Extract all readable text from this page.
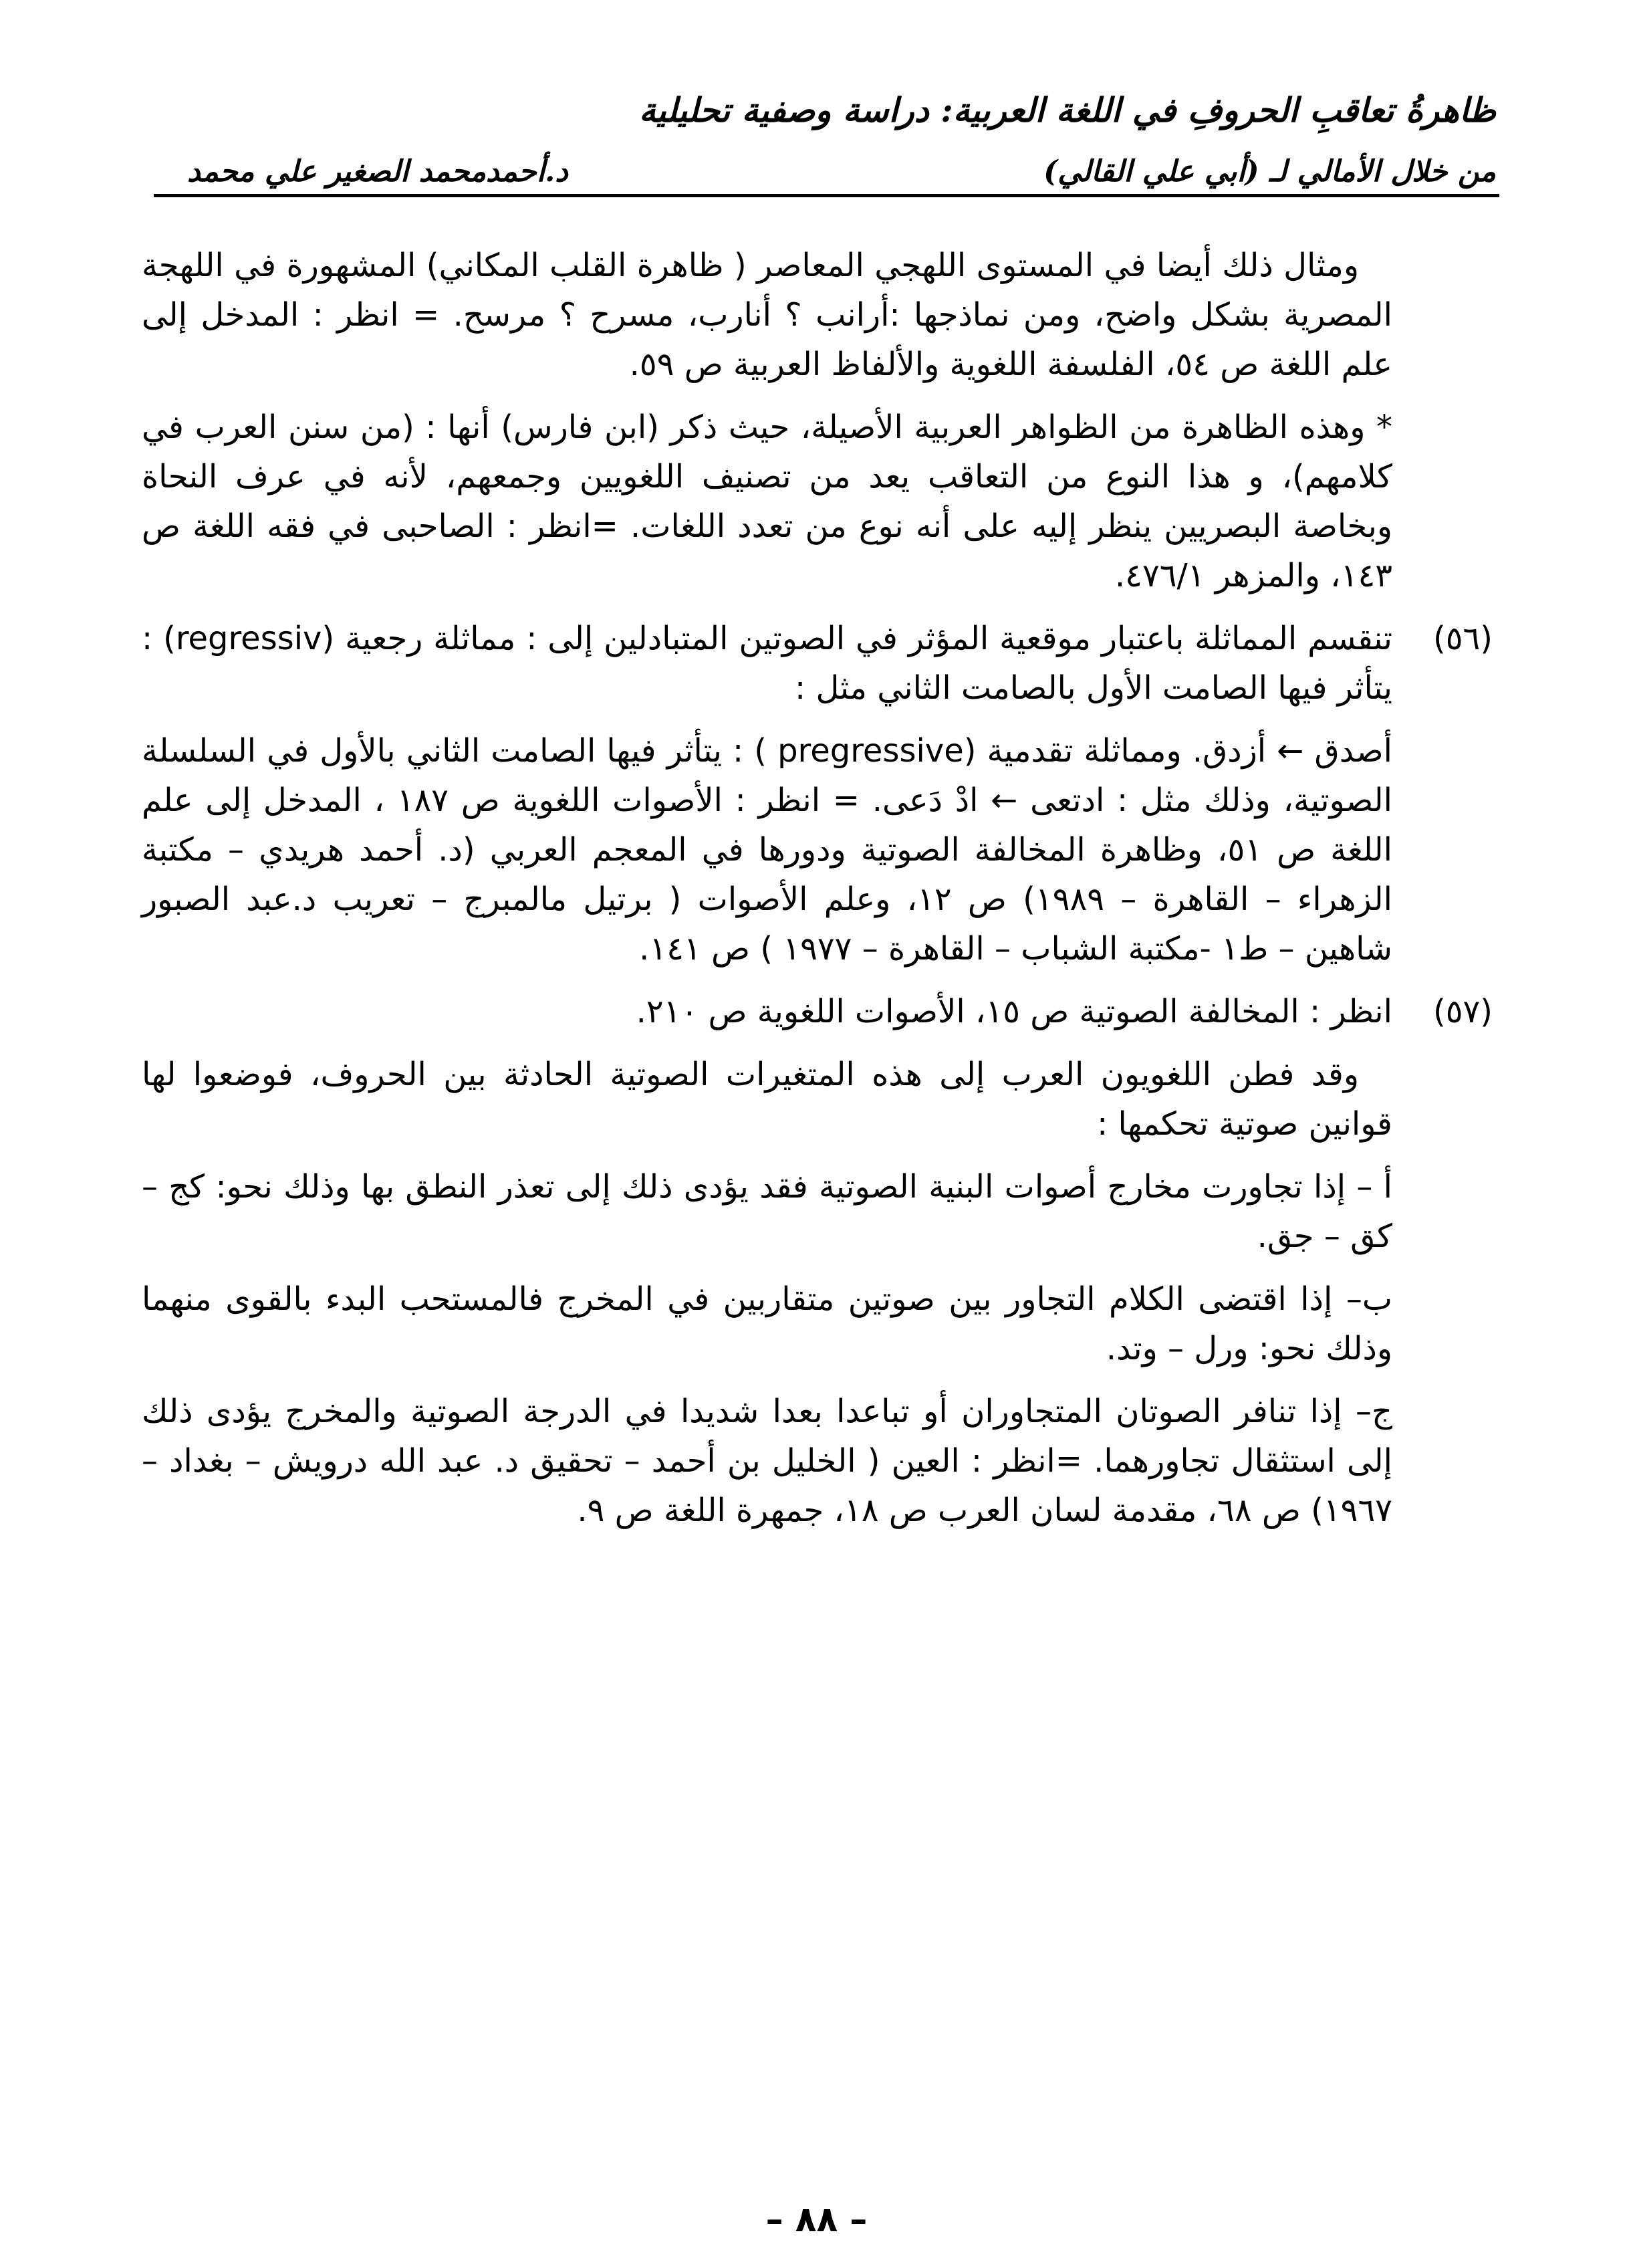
ظاهرةُ تعاقبِ الحروفِ في اللغة العربية: دراسة وصفية تحليلية
من خلال الأمالي لـ (أبي علي القالي)
د.أحمدمحمد الصغير علي محمد

ومثال ذلك أيضا في المستوى اللهجي المعاصر ( ظاهرة القلب المكاني) المشهورة في اللهجة المصرية بشكل واضح، ومن نماذجها :أرانب ؟ أنارب، مسرح ؟ مرسح. = انظر : المدخل إلى علم اللغة ص ٥٤، الفلسفة اللغوية والألفاظ العربية ص ٥٩.

* وهذه الظاهرة من الظواهر العربية الأصيلة، حيث ذكر (ابن فارس) أنها : (من سنن العرب في كلامهم)، و هذا النوع من التعاقب يعد من تصنيف اللغويين وجمعهم، لأنه في عرف النحاة وبخاصة البصريين ينظر إليه على أنه نوع من تعدد اللغات. =انظر : الصاحبى في فقه اللغة ص ١٤٣، والمزهر ٤٧٦/١.

(٥٦)
تنقسم المماثلة باعتبار موقعية المؤثر في الصوتين المتبادلين إلى : مماثلة رجعية (regressiv) : يتأثر فيها الصامت الأول بالصامت الثاني مثل :

أصدق ← أزدق. ومماثلة تقدمية (pregressive ) : يتأثر فيها الصامت الثاني بالأول في السلسلة الصوتية، وذلك مثل : ادتعى ← ادْ دَعى. = انظر : الأصوات اللغوية ص ١٨٧ ، المدخل إلى علم اللغة ص ٥١، وظاهرة المخالفة الصوتية ودورها في المعجم العربي (د. أحمد هريدي – مكتبة الزهراء – القاهرة – ١٩٨٩) ص ١٢، وعلم الأصوات ( برتيل مالمبرج – تعريب د.عبد الصبور شاهين – ط١ -مكتبة الشباب – القاهرة – ١٩٧٧ ) ص ١٤١.

(٥٧)
انظر : المخالفة الصوتية ص ١٥، الأصوات اللغوية ص ٢١٠.

وقد فطن اللغويون العرب إلى هذه المتغيرات الصوتية الحادثة بين الحروف، فوضعوا لها قوانين صوتية تحكمها :

أ – إذا تجاورت مخارج أصوات البنية الصوتية فقد يؤدى ذلك إلى تعذر النطق بها وذلك نحو: كج – كق – جق.

ب– إذا اقتضى الكلام التجاور بين صوتين متقاربين في المخرج فالمستحب البدء بالقوى منهما وذلك نحو: ورل – وتد.

ج– إذا تنافر الصوتان المتجاوران أو تباعدا بعدا شديدا في الدرجة الصوتية والمخرج يؤدى ذلك إلى استثقال تجاورهما. =انظر : العين ( الخليل بن أحمد – تحقيق د. عبد الله درويش – بغداد – ١٩٦٧) ص ٦٨، مقدمة لسان العرب ص ١٨، جمهرة اللغة ص ٩.

– ٨٨ –
